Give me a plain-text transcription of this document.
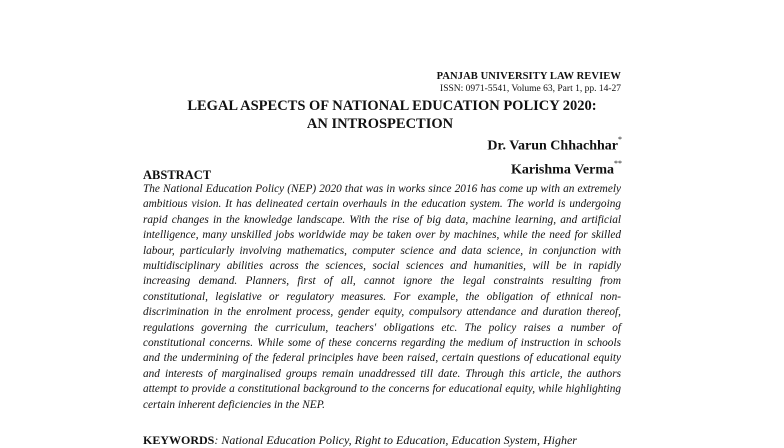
PANJAB UNIVERSITY LAW REVIEW
ISSN: 0971-5541, Volume 63, Part 1, pp. 14-27
LEGAL ASPECTS OF NATIONAL EDUCATION POLICY 2020:
AN INTROSPECTION
Dr. Varun Chhachhar*
Karishma Verma**
ABSTRACT

The National Education Policy (NEP) 2020 that was in works since 2016 has come up with an extremely ambitious vision. It has delineated certain overhauls in the education system. The world is undergoing rapid changes in the knowledge landscape. With the rise of big data, machine learning, and artificial intelligence, many unskilled jobs worldwide may be taken over by machines, while the need for skilled labour, particularly involving mathematics, computer science and data science, in conjunction with multidisciplinary abilities across the sciences, social sciences and humanities, will be in rapidly increasing demand. Planners, first of all, cannot ignore the legal constraints resulting from constitutional, legislative or regulatory measures. For example, the obligation of ethnical non-discrimination in the enrolment process, gender equity, compulsory attendance and duration thereof, regulations governing the curriculum, teachers' obligations etc. The policy raises a number of constitutional concerns. While some of these concerns regarding the medium of instruction in schools and the undermining of the federal principles have been raised, certain questions of educational equity and interests of marginalised groups remain unaddressed till date. Through this article, the authors attempt to provide a constitutional background to the concerns for educational equity, while highlighting certain inherent deficiencies in the NEP.

KEYWORDS: National Education Policy, Right to Education, Education System, Higher
